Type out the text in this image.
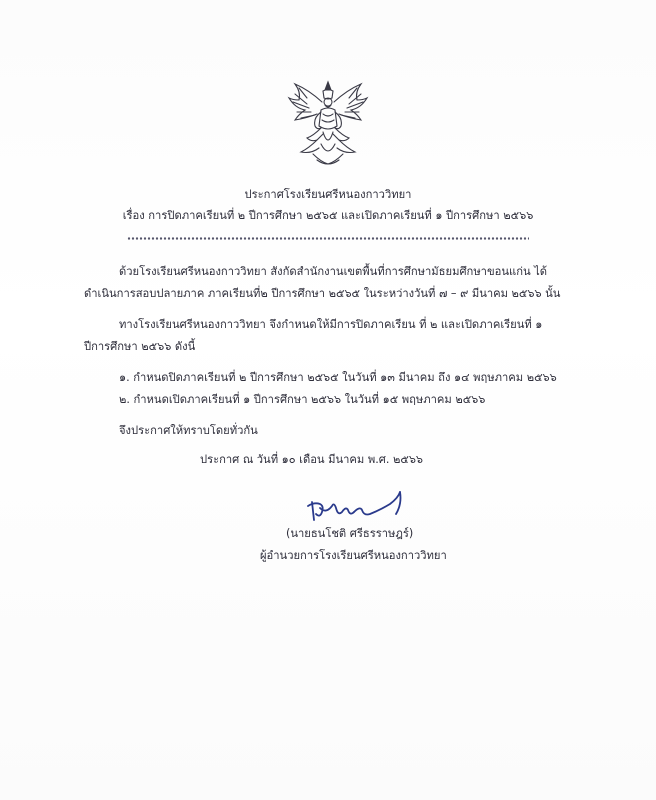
ประกาศโรงเรียนศรีหนองกาววิทยา
เรื่อง การปิดภาคเรียนที่ ๒ ปีการศึกษา ๒๕๖๕ และเปิดภาคเรียนที่ ๑ ปีการศึกษา ๒๕๖๖
ด้วยโรงเรียนศรีหนองกาววิทยา สังกัดสำนักงานเขตพื้นที่การศึกษามัธยมศึกษาขอนแก่น ได้
ดำเนินการสอบปลายภาค ภาคเรียนที่๒ ปีการศึกษา ๒๕๖๕ ในระหว่างวันที่ ๗ – ๙ มีนาคม ๒๕๖๖ นั้น
ทางโรงเรียนศรีหนองกาววิทยา จึงกำหนดให้มีการปิดภาคเรียน ที่ ๒ และเปิดภาคเรียนที่ ๑
ปีการศึกษา ๒๕๖๖ ดังนี้
๑. กำหนดปิดภาคเรียนที่ ๒ ปีการศึกษา ๒๕๖๕ ในวันที่ ๑๓ มีนาคม ถึง ๑๔ พฤษภาคม ๒๕๖๖
๒. กำหนดเปิดภาคเรียนที่ ๑ ปีการศึกษา ๒๕๖๖ ในวันที่ ๑๕ พฤษภาคม ๒๕๖๖
จึงประกาศให้ทราบโดยทั่วกัน
ประกาศ ณ วันที่ ๑๐ เดือน มีนาคม พ.ศ. ๒๕๖๖
(นายธนโชติ ศรีธรราษฎร์)
ผู้อำนวยการโรงเรียนศรีหนองกาววิทยา
